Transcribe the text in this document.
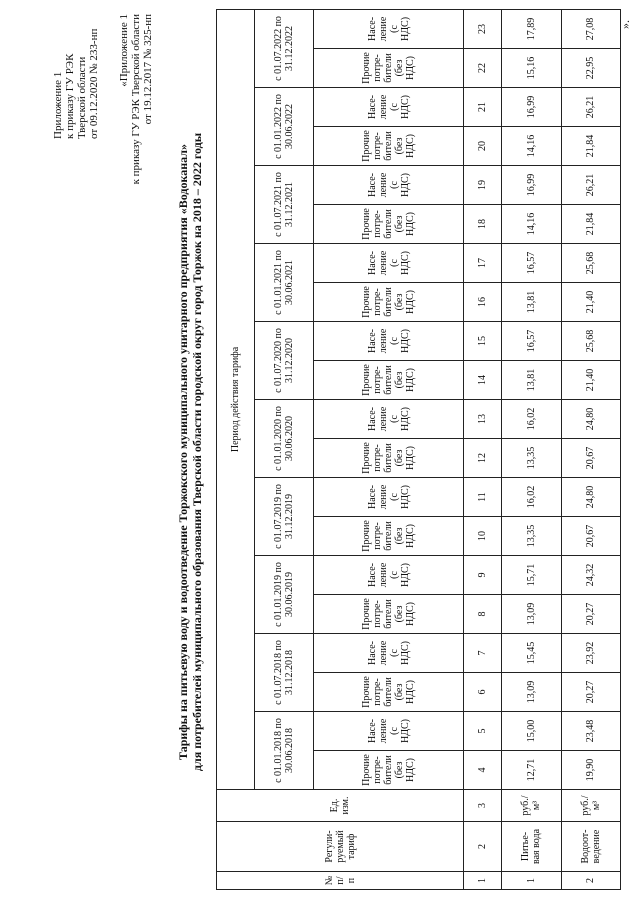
Приложение 1 к приказу ГУ РЭК Тверской области от 09.12.2020 № 233-нп «Приложение 1 к приказу ГУ РЭК Тверской области от 19.12.2017 № 325-нп
Тарифы на питьевую воду и водоотведение Торжокского муниципального унитарного предприятия «Водоканал» для потребителей муниципального образования Тверской области городской округ город Торжок на 2018 – 2022 годы
№ п/ п	Регули- руемый тариф	Ед. изм.	Период действия тарифа																			
			с 01.01.2018 по 30.06.2018		с 01.07.2018 по 31.12.2018		с 01.01.2019 по 30.06.2019		с 01.07.2019 по 31.12.2019		с 01.01.2020 по 30.06.2020		с 01.07.2020 по 31.12.2020		с 01.01.2021 по 30.06.2021		с 01.07.2021 по 31.12.2021		с 01.01.2022 по 30.06.2022		с 01.07.2022 по 31.12.2022	
			Прочие потре- бители (без НДС)	Насе- ление (с НДС)	Прочие потре- бители (без НДС)	Насе- ление (с НДС)	Прочие потре- бители (без НДС)	Насе- ление (с НДС)	Прочие потре- бители (без НДС)	Насе- ление (с НДС)	Прочие потре- бители (без НДС)	Насе- ление (с НДС)	Прочие потре- бители (без НДС)	Насе- ление (с НДС)	Прочие потре- бители (без НДС)	Насе- ление (с НДС)	Прочие потре- бители (без НДС)	Насе- ление (с НДС)	Прочие потре- бители (без НДС)	Насе- ление (с НДС)	Прочие потре- бители (без НДС)	Насе- ление (с НДС)
1	2	3	4	5	6	7	8	9	10	11	12	13	14	15	16	17	18	19	20	21	22	23
1	Питье- вая вода	руб./ м³	12,71	15,00	13,09	15,45	13,09	15,71	13,35	16,02	13,35	16,02	13,81	16,57	13,81	16,57	14,16	16,99	14,16	16,99	15,16	17,89
2	Водоот- ведение	руб./ м³	19,90	23,48	20,27	23,92	20,27	24,32	20,67	24,80	20,67	24,80	21,40	25,68	21,40	25,68	21,84	26,21	21,84	26,21	22,95	27,08 ».
